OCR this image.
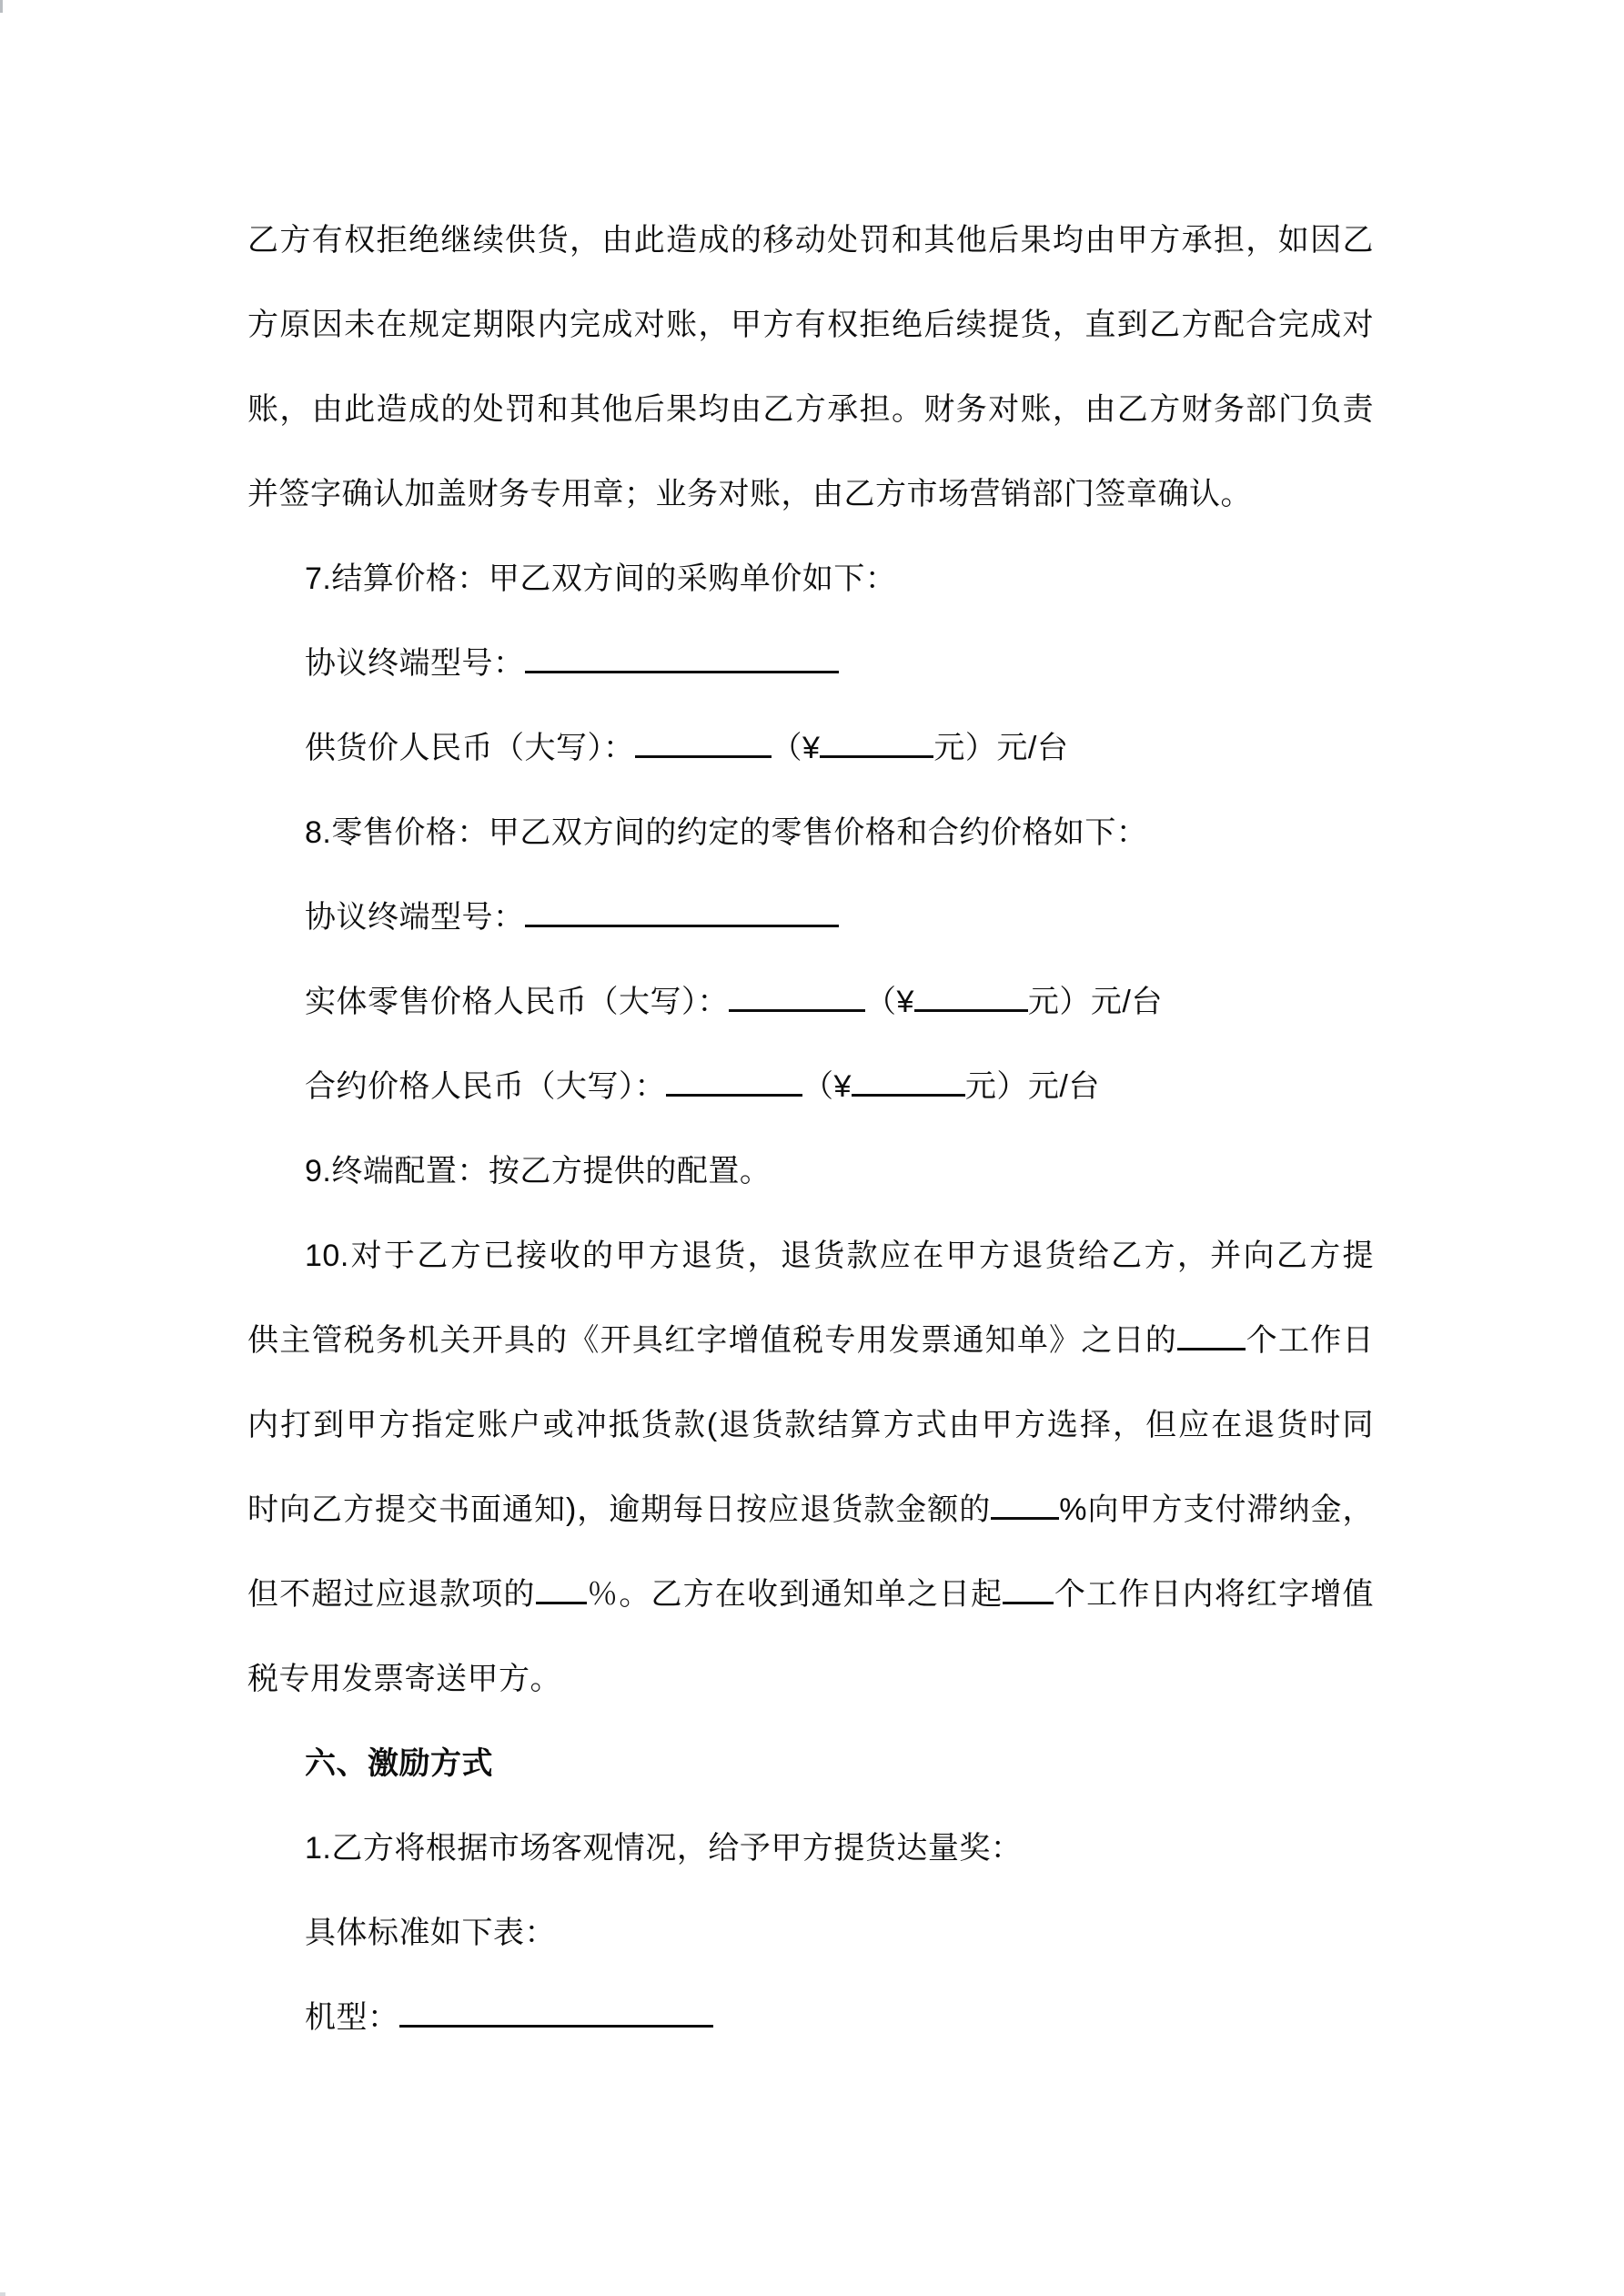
乙方有权拒绝继续供货，由此造成的移动处罚和其他后果均由甲方承担，如因乙
方原因未在规定期限内完成对账，甲方有权拒绝后续提货，直到乙方配合完成对
账，由此造成的处罚和其他后果均由乙方承担。财务对账，由乙方财务部门负责
并签字确认加盖财务专用章；业务对账，由乙方市场营销部门签章确认。
7.结算价格：甲乙双方间的采购单价如下：
协议终端型号：
供货价人民币（大写）：	（¥	元）元/台
8.零售价格：甲乙双方间的约定的零售价格和合约价格如下：
协议终端型号：
实体零售价格人民币（大写）：	（¥	元）元/台
合约价格人民币（大写）：	（¥	元）元/台
9.终端配置：按乙方提供的配置。
10.对于乙方已接收的甲方退货，退货款应在甲方退货给乙方，并向乙方提
供主管税务机关开具的《开具红字增值税专用发票通知单》之日的 个工作日
内打到甲方指定账户或冲抵货款(退货款结算方式由甲方选择，但应在退货时同
时向乙方提交书面通知)，逾期每日按应退货款金额的 %向甲方支付滞纳金，
但不超过应退款项的 ％。乙方在收到通知单之日起 个工作日内将红字增值
税专用发票寄送甲方。
六、激励方式
1.乙方将根据市场客观情况，给予甲方提货达量奖：
具体标准如下表：
机型：
